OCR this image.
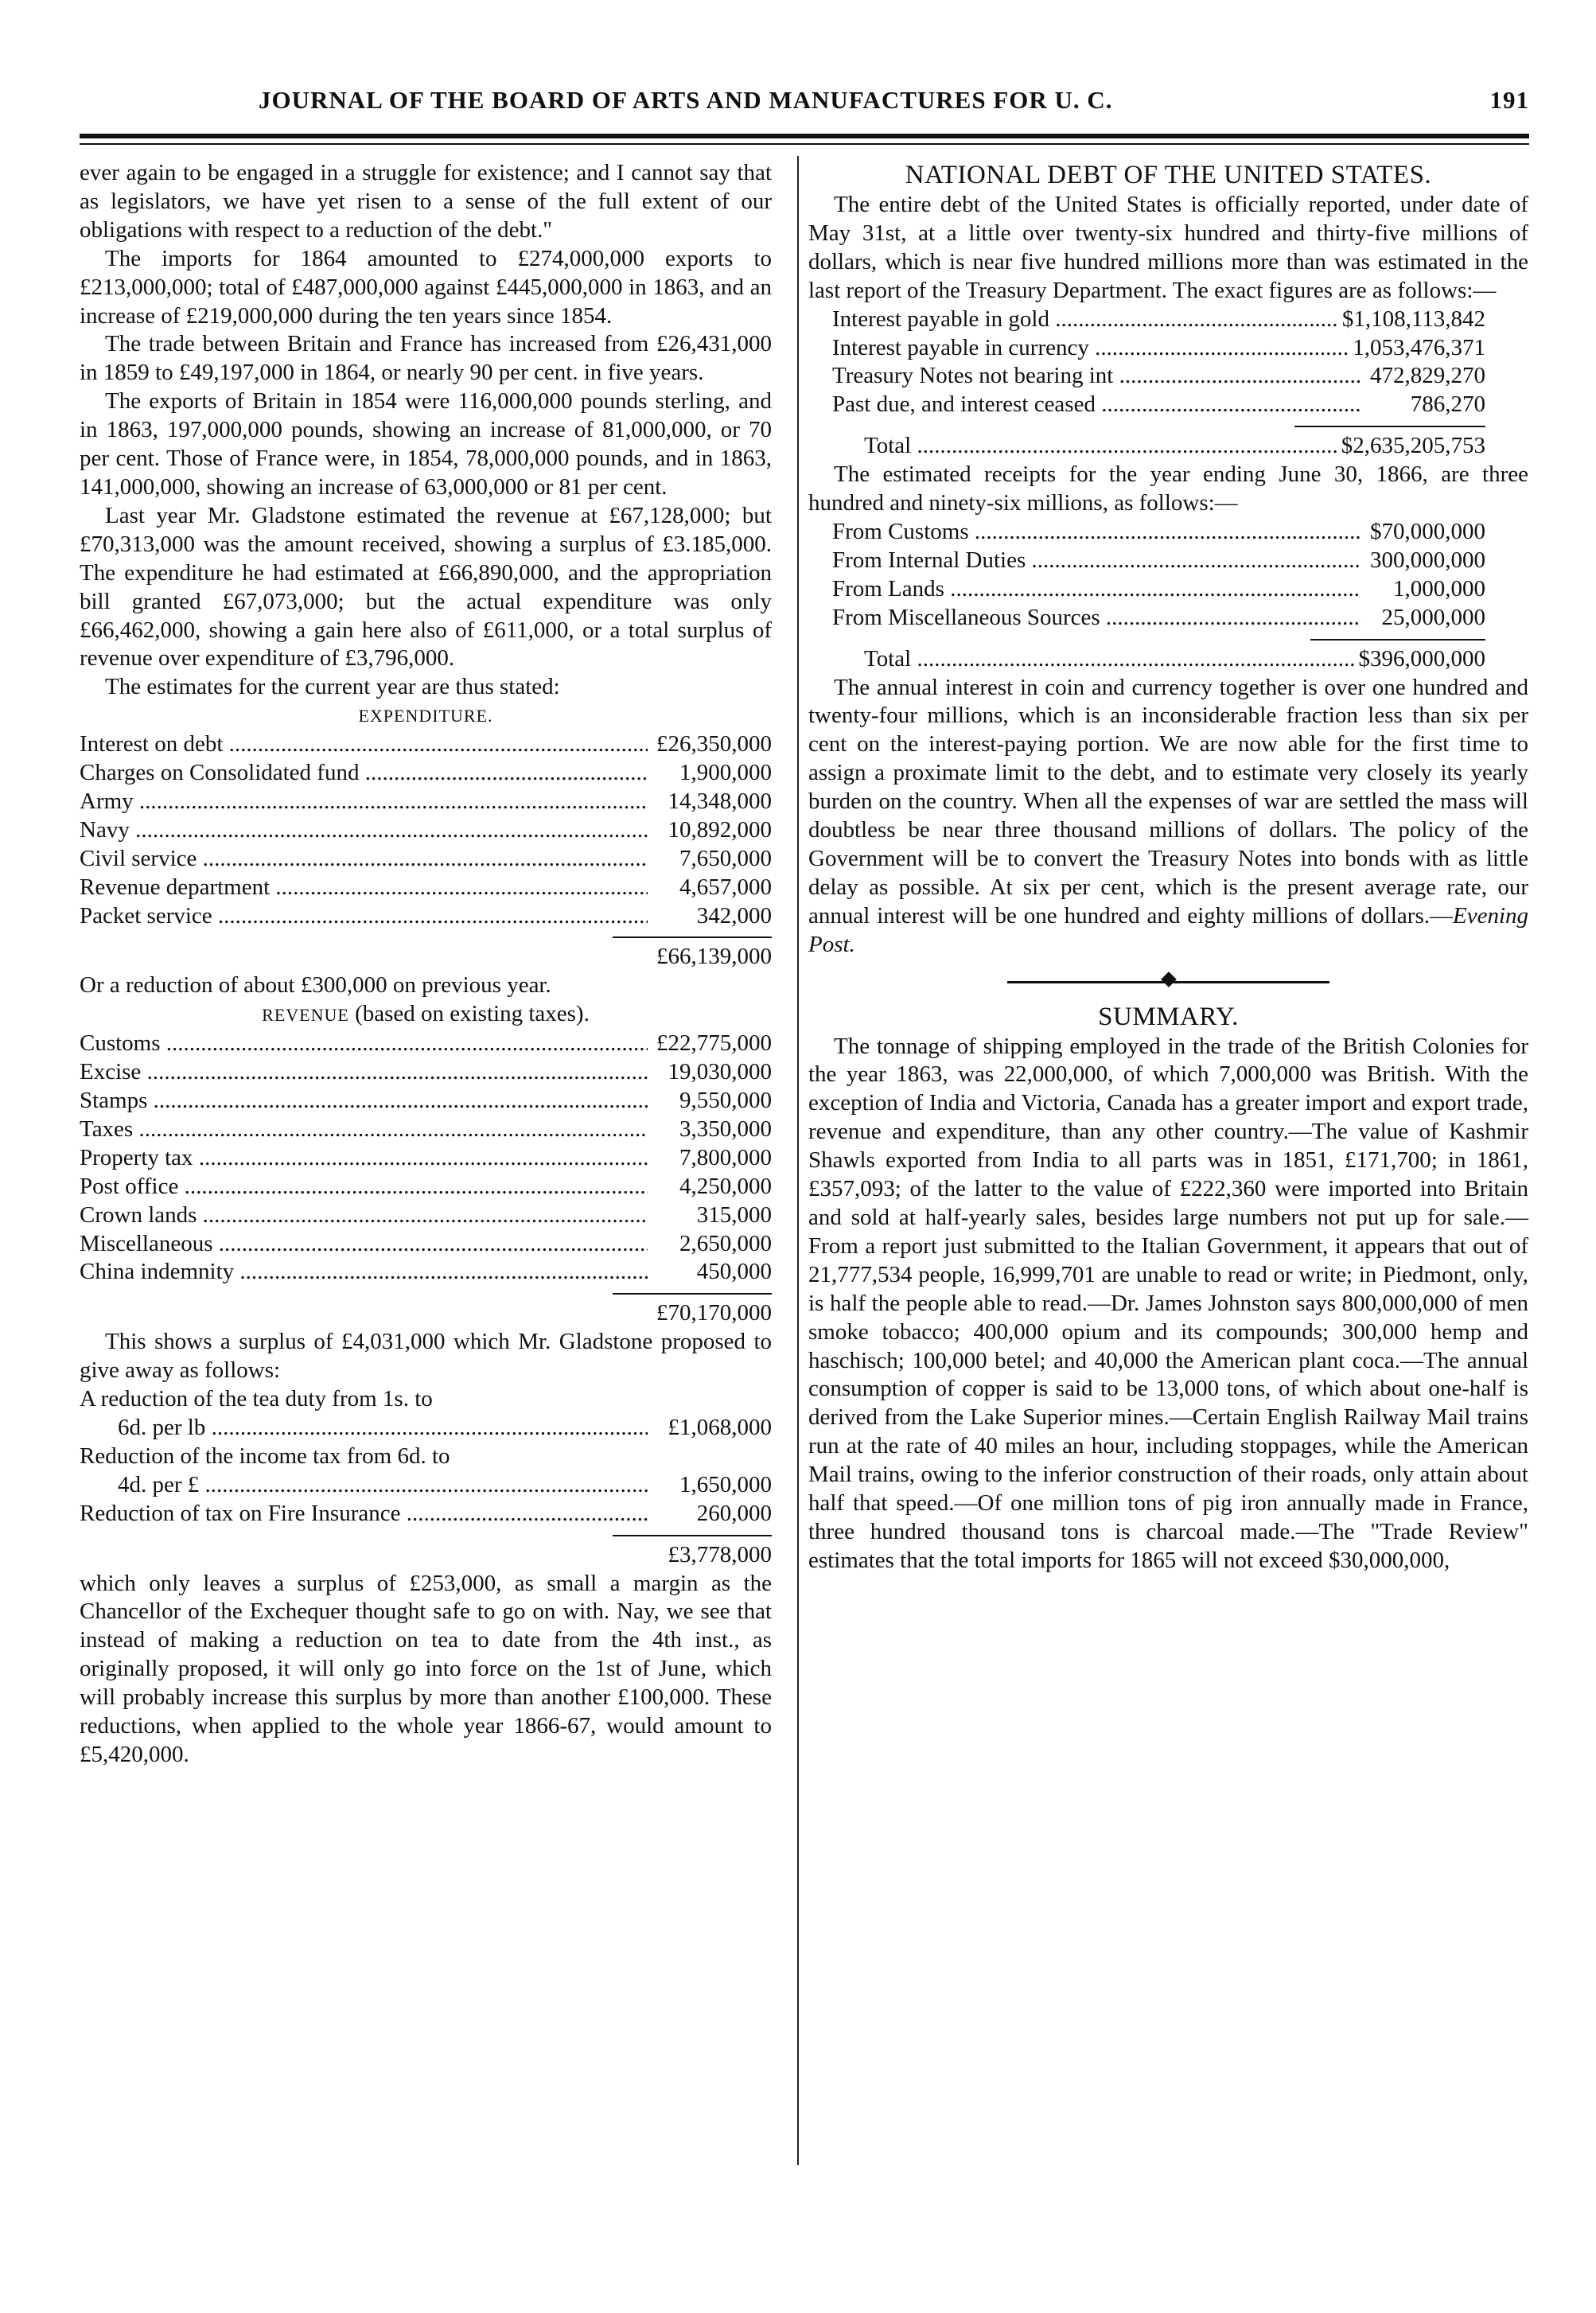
JOURNAL OF THE BOARD OF ARTS AND MANUFACTURES FOR U. C.	191

ever again to be engaged in a struggle for existence; and I cannot say that as legislators, we have yet risen to a sense of the full extent of our obligations with respect to a reduction of the debt."

The imports for 1864 amounted to £274,000,000 exports to £213,000,000; total of £487,000,000 against £445,000,000 in 1863, and an increase of £219,000,000 during the ten years since 1854.

The trade between Britain and France has increased from £26,431,000 in 1859 to £49,197,000 in 1864, or nearly 90 per cent. in five years.

The exports of Britain in 1854 were 116,000,000 pounds sterling, and in 1863, 197,000,000 pounds, showing an increase of 81,000,000, or 70 per cent. Those of France were, in 1854, 78,000,000 pounds, and in 1863, 141,000,000, showing an increase of 63,000,000 or 81 per cent.

Last year Mr. Gladstone estimated the revenue at £67,128,000; but £70,313,000 was the amount received, showing a surplus of £3.185,000. The expenditure he had estimated at £66,890,000, and the appropriation bill granted £67,073,000; but the actual expenditure was only £66,462,000, showing a gain here also of £611,000, or a total surplus of revenue over expenditure of £3,796,000.

The estimates for the current year are thus stated:

EXPENDITURE.

Interest on debt .....	£26,350,000
Charges on Consolidated fund .....	1,900,000
Army .....	14,348,000
Navy .....	10,892,000
Civil service .....	7,650,000
Revenue department .....	4,657,000
Packet service .....	342,000
£66,139,000

Or a reduction of about £300,000 on previous year.

REVENUE (based on existing taxes).

Customs .....	£22,775,000
Excise .....	19,030,000
Stamps .....	9,550,000
Taxes .....	3,350,000
Property tax .....	7,800,000
Post office .....	4,250,000
Crown lands .....	315,000
Miscellaneous .....	2,650,000
China indemnity .....	450,000
£70,170,000

This shows a surplus of £4,031,000 which Mr. Gladstone proposed to give away as follows:

A reduction of the tea duty from 1s. to
6d. per lb .....	£1,068,000
Reduction of the income tax from 6d. to
4d. per £ .....	1,650,000
Reduction of tax on Fire Insurance .....	260,000
£3,778,000

which only leaves a surplus of £253,000, as small a margin as the Chancellor of the Exchequer thought safe to go on with. Nay, we see that instead of making a reduction on tea to date from the 4th inst., as originally proposed, it will only go into force on the 1st of June, which will probably increase this surplus by more than another £100,000. These reductions, when applied to the whole year 1866-67, would amount to £5,420,000.

NATIONAL DEBT OF THE UNITED STATES.

The entire debt of the United States is officially reported, under date of May 31st, at a little over twenty-six hundred and thirty-five millions of dollars, which is near five hundred millions more than was estimated in the last report of the Treasury Department. The exact figures are as follows:—

Interest payable in gold .....	$1,108,113,842
Interest payable in currency .....	1,053,476,371
Treasury Notes not bearing int .....	472,829,270
Past due, and interest ceased .....	786,270
Total .....	$2,635,205,753

The estimated receipts for the year ending June 30, 1866, are three hundred and ninety-six millions, as follows:—

From Customs .....	$70,000,000
From Internal Duties .....	300,000,000
From Lands .....	1,000,000
From Miscellaneous Sources .....	25,000,000
Total .....	$396,000,000

The annual interest in coin and currency together is over one hundred and twenty-four millions, which is an inconsiderable fraction less than six per cent on the interest-paying portion. We are now able for the first time to assign a proximate limit to the debt, and to estimate very closely its yearly burden on the country. When all the expenses of war are settled the mass will doubtless be near three thousand millions of dollars. The policy of the Government will be to convert the Treasury Notes into bonds with as little delay as possible. At six per cent, which is the present average rate, our annual interest will be one hundred and eighty millions of dollars.—Evening Post.

SUMMARY.

The tonnage of shipping employed in the trade of the British Colonies for the year 1863, was 22,000,000, of which 7,000,000 was British. With the exception of India and Victoria, Canada has a greater import and export trade, revenue and expenditure, than any other country.—The value of Kashmir Shawls exported from India to all parts was in 1851, £171,700; in 1861, £357,093; of the latter to the value of £222,360 were imported into Britain and sold at half-yearly sales, besides large numbers not put up for sale.—From a report just submitted to the Italian Government, it appears that out of 21,777,534 people, 16,999,701 are unable to read or write; in Piedmont, only, is half the people able to read.—Dr. James Johnston says 800,000,000 of men smoke tobacco; 400,000 opium and its compounds; 300,000 hemp and haschisch; 100,000 betel; and 40,000 the American plant coca.—The annual consumption of copper is said to be 13,000 tons, of which about one-half is derived from the Lake Superior mines.—Certain English Railway Mail trains run at the rate of 40 miles an hour, including stoppages, while the American Mail trains, owing to the inferior construction of their roads, only attain about half that speed.—Of one million tons of pig iron annually made in France, three hundred thousand tons is charcoal made.—The "Trade Review" estimates that the total imports for 1865 will not exceed $30,000,000,
